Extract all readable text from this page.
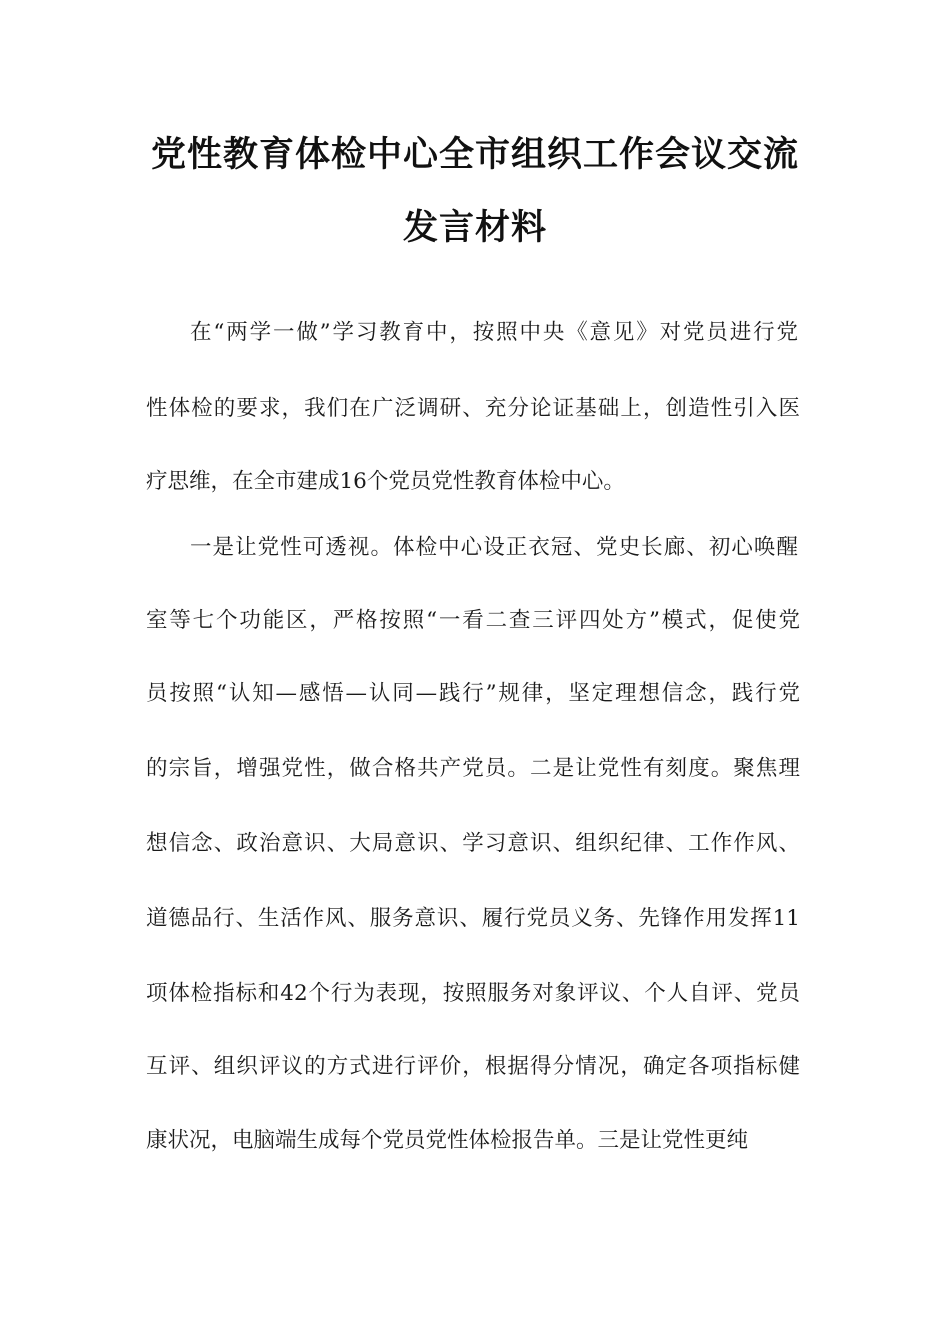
党性教育体检中心全市组织工作会议交流
发言材料
在“两学一做”学习教育中，按照中央《意见》对党员进行党
性体检的要求，我们在广泛调研、充分论证基础上，创造性引入医
疗思维，在全市建成16个党员党性教育体检中心。
一是让党性可透视。体检中心设正衣冠、党史长廊、初心唤醒
室等七个功能区，严格按照“一看二查三评四处方”模式，促使党
员按照“认知—感悟—认同—践行”规律，坚定理想信念，践行党
的宗旨，增强党性，做合格共产党员。二是让党性有刻度。聚焦理
想信念、政治意识、大局意识、学习意识、组织纪律、工作作风、
道德品行、生活作风、服务意识、履行党员义务、先锋作用发挥11
项体检指标和42个行为表现，按照服务对象评议、个人自评、党员
互评、组织评议的方式进行评价，根据得分情况，确定各项指标健
康状况，电脑端生成每个党员党性体检报告单。三是让党性更纯
